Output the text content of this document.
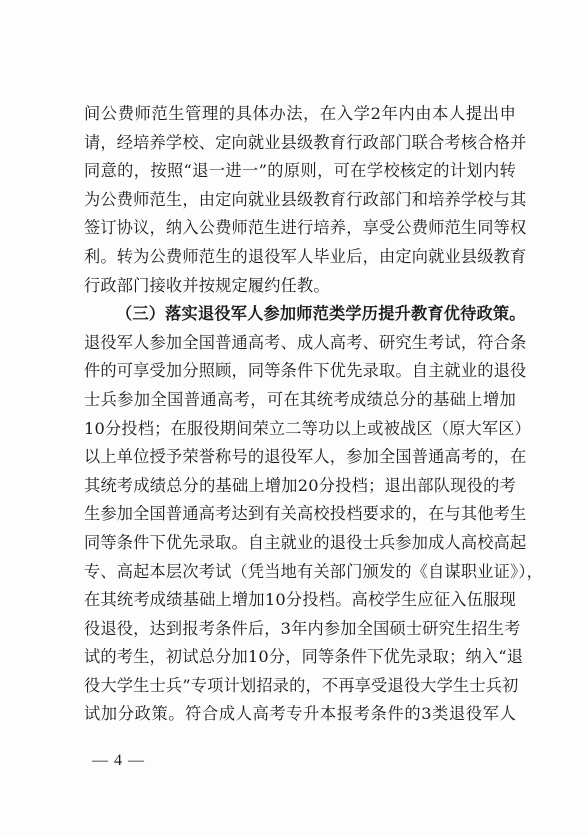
间公费师范生管理的具体办法，在入学2年内由本人提出申
请，经培养学校、定向就业县级教育行政部门联合考核合格并
同意的，按照“退一进一”的原则，可在学校核定的计划内转
为公费师范生，由定向就业县级教育行政部门和培养学校与其
签订协议，纳入公费师范生进行培养，享受公费师范生同等权
利。转为公费师范生的退役军人毕业后，由定向就业县级教育
行政部门接收并按规定履约任教。
（三）落实退役军人参加师范类学历提升教育优待政策。
退役军人参加全国普通高考、成人高考、研究生考试，符合条
件的可享受加分照顾，同等条件下优先录取。自主就业的退役
士兵参加全国普通高考，可在其统考成绩总分的基础上增加
10分投档；在服役期间荣立二等功以上或被战区（原大军区）
以上单位授予荣誉称号的退役军人，参加全国普通高考的，在
其统考成绩总分的基础上增加20分投档；退出部队现役的考
生参加全国普通高考达到有关高校投档要求的，在与其他考生
同等条件下优先录取。自主就业的退役士兵参加成人高校高起
专、高起本层次考试（凭当地有关部门颁发的《自谋职业证》），
在其统考成绩基础上增加10分投档。高校学生应征入伍服现
役退役，达到报考条件后，3年内参加全国硕士研究生招生考
试的考生，初试总分加10分，同等条件下优先录取；纳入“退
役大学生士兵”专项计划招录的，不再享受退役大学生士兵初
试加分政策。符合成人高考专升本报考条件的3类退役军人
— 4 —
